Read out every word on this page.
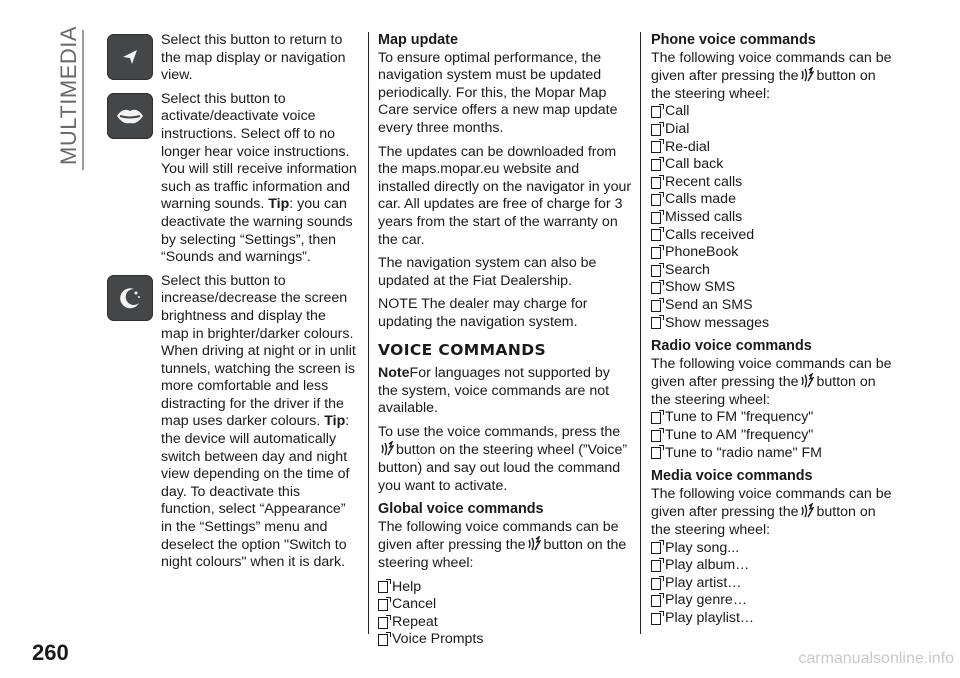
MULTIMEDIA	Select this button to return to the map display or navigation view.

Select this button to activate/deactivate voice instructions. Select off to no longer hear voice instructions. You will still receive information such as traffic information and warning sounds. Tip: you can deactivate the warning sounds by selecting “Settings”, then “Sounds and warnings”.

Select this button to increase/decrease the screen brightness and display the map in brighter/darker colours. When driving at night or in unlit tunnels, watching the screen is more comfortable and less distracting for the driver if the map uses darker colours. Tip: the device will automatically switch between day and night view depending on the time of day. To deactivate this function, select “Appearance” in the “Settings” menu and deselect the option "Switch to night colours" when it is dark.

Map update

To ensure optimal performance, the navigation system must be updated periodically. For this, the Mopar Map Care service offers a new map update every three months.

The updates can be downloaded from the maps.mopar.eu website and installed directly on the navigator in your car. All updates are free of charge for 3 years from the start of the warranty on the car.

The navigation system can also be updated at the Fiat Dealership.

NOTE The dealer may charge for updating the navigation system.

VOICE COMMANDS

NoteFor languages not supported by the system, voice commands are not available.

To use the voice commands, press thebutton on the steering wheel (”Voice” button) and say out loud the command you want to activate.

Global voice commands

The following voice commands can be given after pressing the button on the steering wheel:

Help
Cancel
Repeat
Voice Prompts

Phone voice commands

The following voice commands can be given after pressing the button on the steering wheel:

Call
Dial
Re-dial
Call back
Recent calls
Calls made
Missed calls
Calls received
PhoneBook
Search
Show SMS
Send an SMS
Show messages

Radio voice commands

The following voice commands can be given after pressing the button on the steering wheel:

Tune to FM "frequency"
Tune to AM "frequency"
Tune to "radio name" FM

Media voice commands

The following voice commands can be given after pressing the button on the steering wheel:

Play song...
Play album…
Play artist…
Play genre…
Play playlist…
260	carmanualsonline.info
